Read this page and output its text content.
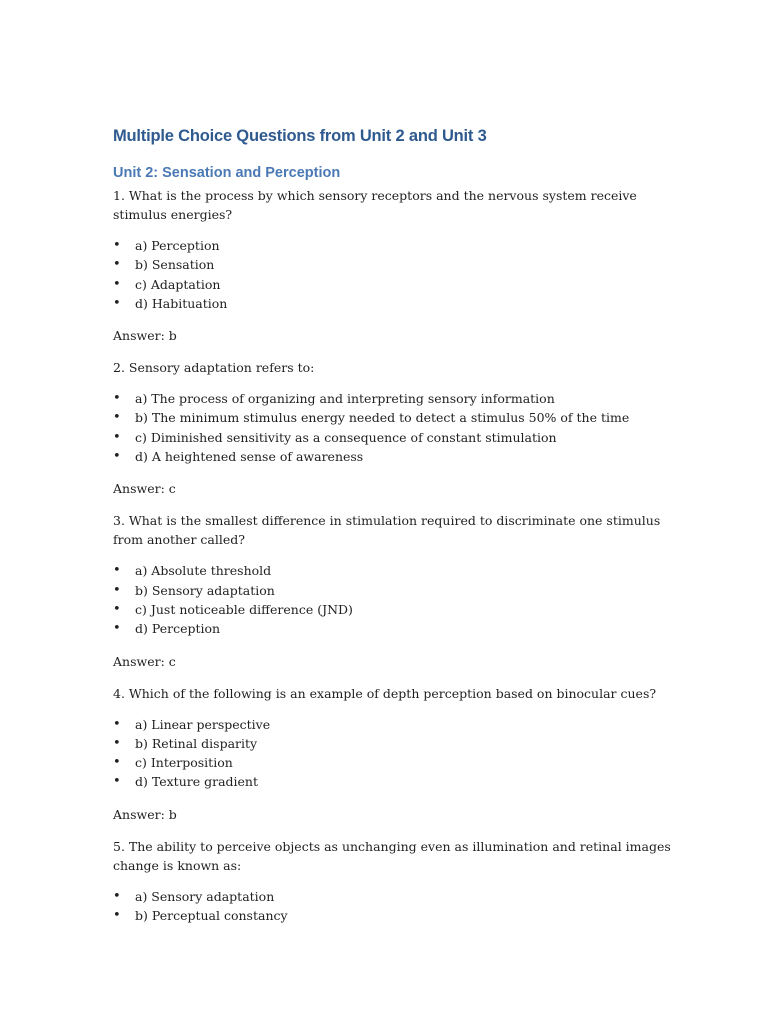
Multiple Choice Questions from Unit 2 and Unit 3
Unit 2: Sensation and Perception

1. What is the process by which sensory receptors and the nervous system receive stimulus energies?

• a) Perception
• b) Sensation
• c) Adaptation
• d) Habituation

Answer: b

2. Sensory adaptation refers to:

• a) The process of organizing and interpreting sensory information
• b) The minimum stimulus energy needed to detect a stimulus 50% of the time
• c) Diminished sensitivity as a consequence of constant stimulation
• d) A heightened sense of awareness

Answer: c

3. What is the smallest difference in stimulation required to discriminate one stimulus from another called?

• a) Absolute threshold
• b) Sensory adaptation
• c) Just noticeable difference (JND)
• d) Perception

Answer: c

4. Which of the following is an example of depth perception based on binocular cues?

• a) Linear perspective
• b) Retinal disparity
• c) Interposition
• d) Texture gradient

Answer: b

5. The ability to perceive objects as unchanging even as illumination and retinal images change is known as:

• a) Sensory adaptation
• b) Perceptual constancy
